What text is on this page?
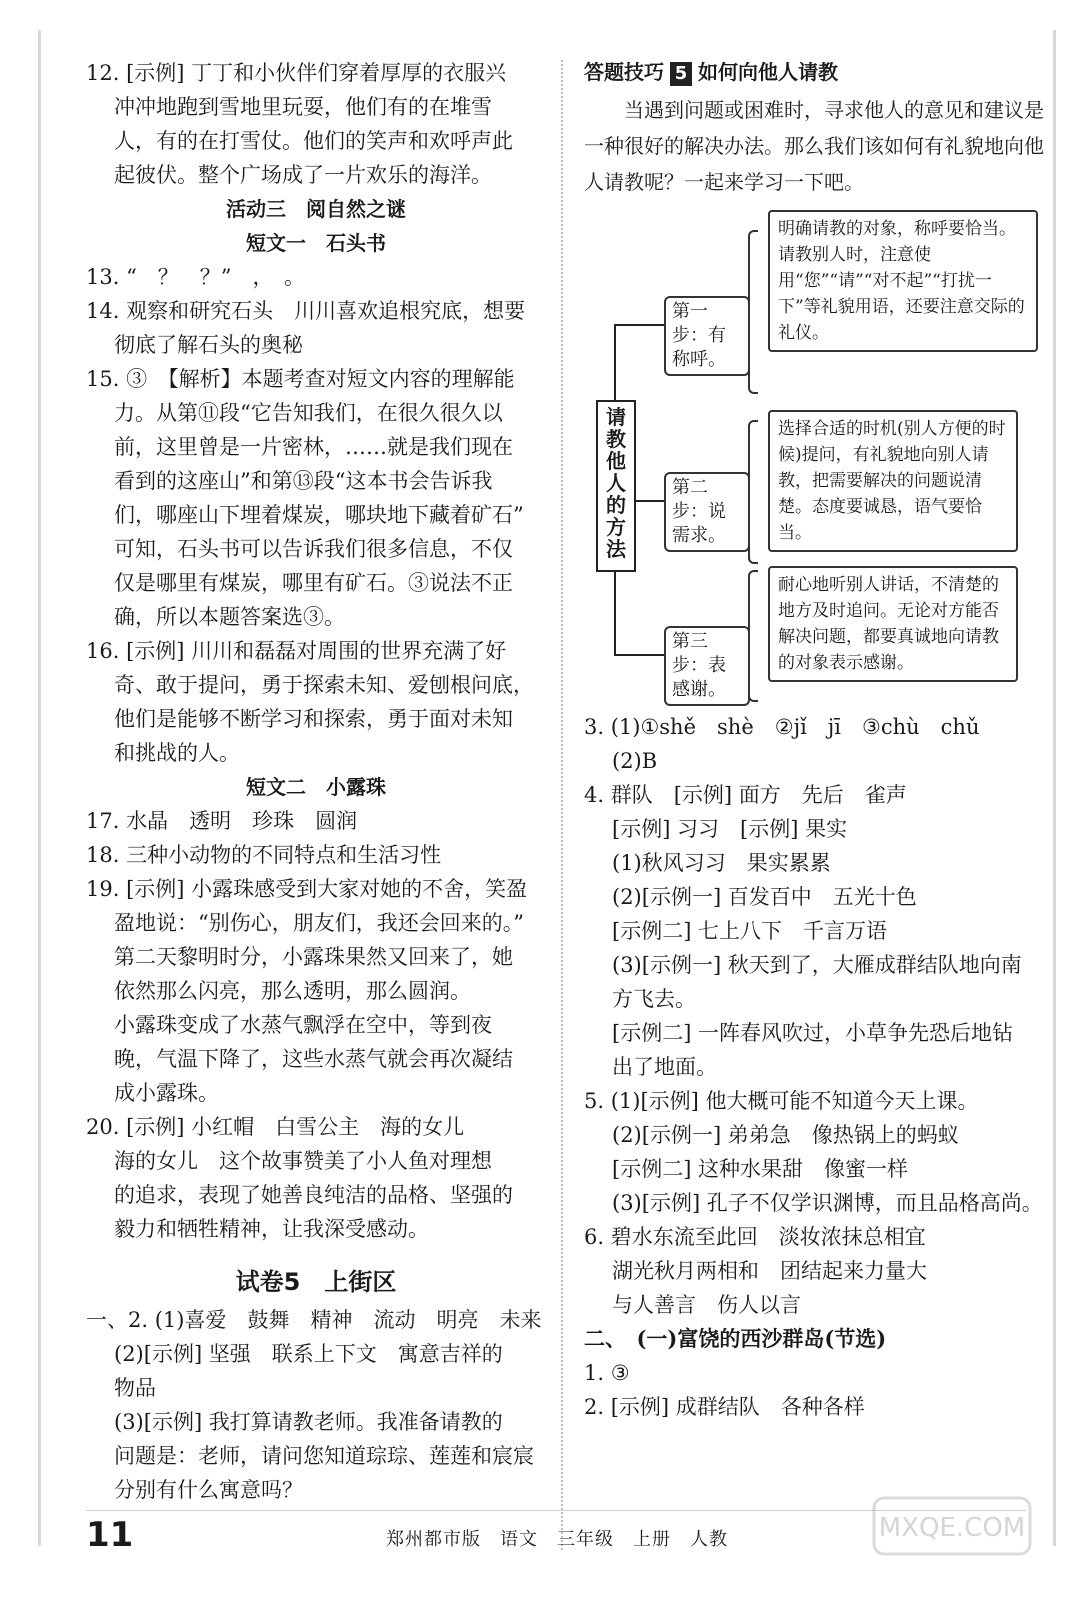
12. [示例] 丁丁和小伙伴们穿着厚厚的衣服兴
冲冲地跑到雪地里玩耍，他们有的在堆雪
人，有的在打雪仗。他们的笑声和欢呼声此
起彼伏。整个广场成了一片欢乐的海洋。
活动三　阅自然之谜
短文一　石头书
13. “　？　？”　，　。
14. 观察和研究石头　川川喜欢追根究底，想要
彻底了解石头的奥秘
15. ③　【解析】本题考查对短文内容的理解能
力。从第⑪段“它告知我们，在很久很久以
前，这里曾是一片密林，……就是我们现在
看到的这座山”和第⑬段“这本书会告诉我
们，哪座山下埋着煤炭，哪块地下藏着矿石”
可知，石头书可以告诉我们很多信息，不仅
仅是哪里有煤炭，哪里有矿石。③说法不正
确，所以本题答案选③。
16. [示例] 川川和磊磊对周围的世界充满了好
奇、敢于提问，勇于探索未知、爱刨根问底，
他们是能够不断学习和探索，勇于面对未知
和挑战的人。
短文二　小露珠
17. 水晶　透明　珍珠　圆润
18. 三种小动物的不同特点和生活习性
19. [示例] 小露珠感受到大家对她的不舍，笑盈
盈地说：“别伤心，朋友们，我还会回来的。”
第二天黎明时分，小露珠果然又回来了，她
依然那么闪亮，那么透明，那么圆润。
小露珠变成了水蒸气飘浮在空中，等到夜
晚，气温下降了，这些水蒸气就会再次凝结
成小露珠。
20. [示例] 小红帽　白雪公主　海的女儿
海的女儿　这个故事赞美了小人鱼对理想
的追求，表现了她善良纯洁的品格、坚强的
毅力和牺牲精神，让我深受感动。
试卷5　上街区
一、2. (1)喜爱　鼓舞　精神　流动　明亮　未来
(2)[示例] 坚强　联系上下文　寓意吉祥的
物品
(3)[示例] 我打算请教老师。我准备请教的
问题是：老师，请问您知道琮琮、莲莲和宸宸
分别有什么寓意吗？
答题技巧 5 如何向他人请教
当遇到问题或困难时，寻求他人的意见和建议是一种很好的解决办法。那么我们该如何有礼貌地向他人请教呢？一起来学习一下吧。
请教他人的方法
第一步：有称呼。
明确请教的对象，称呼要恰当。请教别人时，注意使用“您”“请”“对不起”“打扰一下”等礼貌用语，还要注意交际的礼仪。
第二步：说需求。
选择合适的时机(别人方便的时候)提问，有礼貌地向别人请教，把需要解决的问题说清楚。态度要诚恳，语气要恰当。
第三步：表感谢。
耐心地听别人讲话，不清楚的地方及时追问。无论对方能否解决问题，都要真诚地向请教的对象表示感谢。
3. (1)①shě　shè　②jǐ　jī　③chù　chǔ
(2)B
4. 群队　[示例] 面方　先后　雀声
[示例] 习习　[示例] 果实
(1)秋风习习　果实累累
(2)[示例一] 百发百中　五光十色
[示例二] 七上八下　千言万语
(3)[示例一] 秋天到了，大雁成群结队地向南
方飞去。
[示例二] 一阵春风吹过，小草争先恐后地钻
出了地面。
5. (1)[示例] 他大概可能不知道今天上课。
(2)[示例一] 弟弟急　像热锅上的蚂蚁
[示例二] 这种水果甜　像蜜一样
(3)[示例] 孔子不仅学识渊博，而且品格高尚。
6. 碧水东流至此回　淡妆浓抹总相宜
湖光秋月两相和　团结起来力量大
与人善言　伤人以言
二、　(一)富饶的西沙群岛(节选)
1. ③
2. [示例] 成群结队　各种各样
11	郑州都市版　语文　三年级　上册　人教	MXQE.COM
